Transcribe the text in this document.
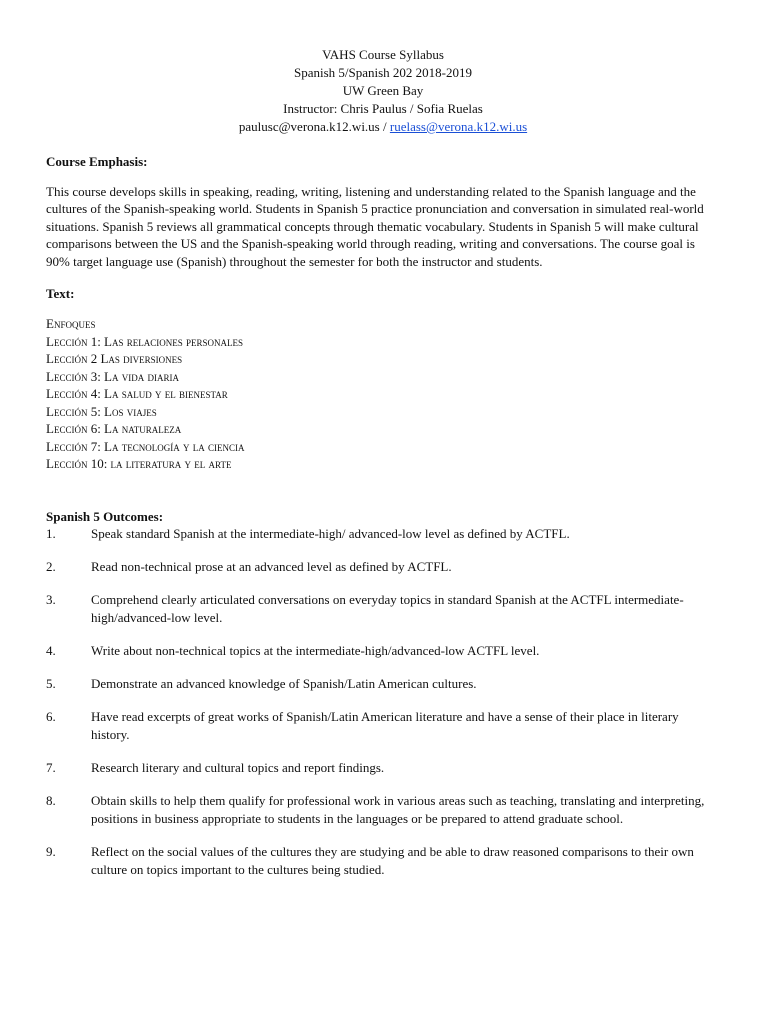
VAHS Course Syllabus
Spanish 5/Spanish 202 2018-2019
UW Green Bay
Instructor: Chris Paulus / Sofia Ruelas
paulusc@verona.k12.wi.us / ruelass@verona.k12.wi.us
Course Emphasis:
This course develops skills in speaking, reading, writing, listening and understanding related to the Spanish language and the cultures of the Spanish-speaking world. Students in Spanish 5 practice pronunciation and conversation in simulated real-world situations. Spanish 5 reviews all grammatical concepts through thematic vocabulary. Students in Spanish 5 will make cultural comparisons between the US and the Spanish-speaking world through reading, writing and conversations. The course goal is 90% target language use (Spanish) throughout the semester for both the instructor and students.
Text:
Enfoques
Lección 1: Las relaciones personales
Lección 2 Las diversiones
Lección 3: La vida diaria
Lección 4: La salud y el bienestar
Lección 5: Los viajes
Lección 6: La naturaleza
Lección 7: La tecnología y la ciencia
Lección 10: la literatura y el arte
Spanish 5 Outcomes:
1.	Speak standard Spanish at the intermediate-high/ advanced-low level as defined by ACTFL.
2.	Read non-technical prose at an advanced level as defined by ACTFL.
3.	Comprehend clearly articulated conversations on everyday topics in standard Spanish at the ACTFL intermediate-high/advanced-low level.
4.	Write about non-technical topics at the intermediate-high/advanced-low ACTFL level.
5.	Demonstrate an advanced knowledge of Spanish/Latin American cultures.
6.	Have read excerpts of great works of Spanish/Latin American literature and have a sense of their place in literary history.
7.	Research literary and cultural topics and report findings.
8.	Obtain skills to help them qualify for professional work in various areas such as teaching, translating and interpreting, positions in business appropriate to students in the languages or be prepared to attend graduate school.
9.	Reflect on the social values of the cultures they are studying and be able to draw reasoned comparisons to their own culture on topics important to the cultures being studied.
